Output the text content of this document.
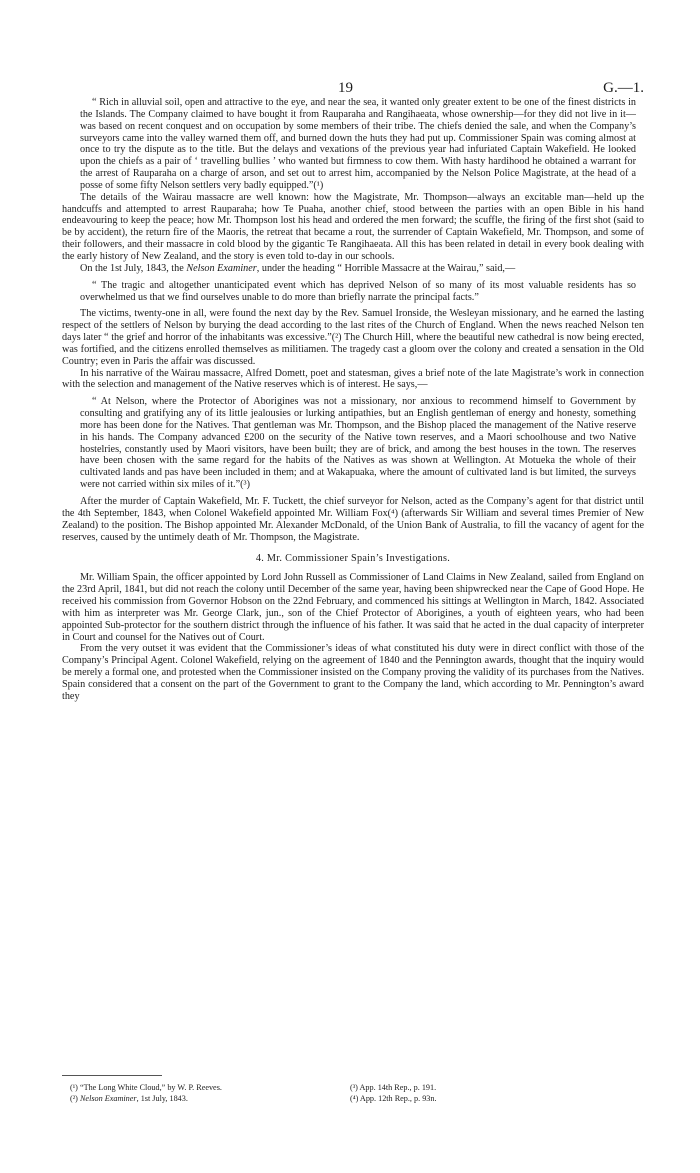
19	G.—1.

“ Rich in alluvial soil, open and attractive to the eye, and near the sea, it wanted only greater extent to be one of the finest districts in the Islands. The Company claimed to have bought it from Rauparaha and Rangihaeata, whose ownership—for they did not live in it—was based on recent conquest and on occupation by some members of their tribe. The chiefs denied the sale, and when the Company’s surveyors came into the valley warned them off, and burned down the huts they had put up. Commissioner Spain was coming almost at once to try the dispute as to the title. But the delays and vexations of the previous year had infuriated Captain Wakefield. He looked upon the chiefs as a pair of ‘ travelling bullies ’ who wanted but firmness to cow them. With hasty hardihood he obtained a warrant for the arrest of Rauparaha on a charge of arson, and set out to arrest him, accompanied by the Nelson Police Magistrate, at the head of a posse of some fifty Nelson settlers very badly equipped.”(¹)

The details of the Wairau massacre are well known: how the Magistrate, Mr. Thompson—always an excitable man—held up the handcuffs and attempted to arrest Rauparaha; how Te Puaha, another chief, stood between the parties with an open Bible in his hand endeavouring to keep the peace; how Mr. Thompson lost his head and ordered the men forward; the scuffle, the firing of the first shot (said to be by accident), the return fire of the Maoris, the retreat that became a rout, the surrender of Captain Wakefield, Mr. Thompson, and some of their followers, and their massacre in cold blood by the gigantic Te Rangihaeata. All this has been related in detail in every book dealing with the early history of New Zealand, and the story is even told to-day in our schools.

On the 1st July, 1843, the Nelson Examiner, under the heading “ Horrible Massacre at the Wairau,” said,—

“ The tragic and altogether unanticipated event which has deprived Nelson of so many of its most valuable residents has so overwhelmed us that we find ourselves unable to do more than briefly narrate the principal facts.”

The victims, twenty-one in all, were found the next day by the Rev. Samuel Ironside, the Wesleyan missionary, and he earned the lasting respect of the settlers of Nelson by burying the dead according to the last rites of the Church of England. When the news reached Nelson ten days later “ the grief and horror of the inhabitants was excessive.”(²) The Church Hill, where the beautiful new cathedral is now being erected, was fortified, and the citizens enrolled themselves as militiamen. The tragedy cast a gloom over the colony and created a sensation in the Old Country; even in Paris the affair was discussed.

In his narrative of the Wairau massacre, Alfred Domett, poet and statesman, gives a brief note of the late Magistrate’s work in connection with the selection and management of the Native reserves which is of interest. He says,—

“ At Nelson, where the Protector of Aborigines was not a missionary, nor anxious to recommend himself to Government by consulting and gratifying any of its little jealousies or lurking antipathies, but an English gentleman of energy and honesty, something more has been done for the Natives. That gentleman was Mr. Thompson, and the Bishop placed the management of the Native reserve in his hands. The Company advanced £200 on the security of the Native town reserves, and a Maori schoolhouse and two Native hostelries, constantly used by Maori visitors, have been built; they are of brick, and among the best houses in the town. The reserves have been chosen with the same regard for the habits of the Natives as was shown at Wellington. At Motueka the whole of their cultivated lands and pas have been included in them; and at Wakapuaka, where the amount of cultivated land is but limited, the surveys were not carried within six miles of it.”(³)

After the murder of Captain Wakefield, Mr. F. Tuckett, the chief surveyor for Nelson, acted as the Company’s agent for that district until the 4th September, 1843, when Colonel Wakefield appointed Mr. William Fox(⁴) (afterwards Sir William and several times Premier of New Zealand) to the position. The Bishop appointed Mr. Alexander McDonald, of the Union Bank of Australia, to fill the vacancy of agent for the reserves, caused by the untimely death of Mr. Thompson, the Magistrate.

4. Mr. Commissioner Spain’s Investigations.

Mr. William Spain, the officer appointed by Lord John Russell as Commissioner of Land Claims in New Zealand, sailed from England on the 23rd April, 1841, but did not reach the colony until December of the same year, having been shipwrecked near the Cape of Good Hope. He received his commission from Governor Hobson on the 22nd February, and commenced his sittings at Wellington in March, 1842. Associated with him as interpreter was Mr. George Clark, jun., son of the Chief Protector of Aborigines, a youth of eighteen years, who had been appointed Sub-protector for the southern district through the influence of his father. It was said that he acted in the dual capacity of interpreter in Court and counsel for the Natives out of Court.

From the very outset it was evident that the Commissioner’s ideas of what constituted his duty were in direct conflict with those of the Company’s Principal Agent. Colonel Wakefield, relying on the agreement of 1840 and the Pennington awards, thought that the inquiry would be merely a formal one, and protested when the Commissioner insisted on the Company proving the validity of its purchases from the Natives. Spain considered that a consent on the part of the Government to grant to the Company the land, which according to Mr. Pennington’s award they

(¹) “The Long White Cloud,” by W. P. Reeves.
(²) Nelson Examiner, 1st July, 1843.
(³) App. 14th Rep., p. 191.
(⁴) App. 12th Rep., p. 93n.
